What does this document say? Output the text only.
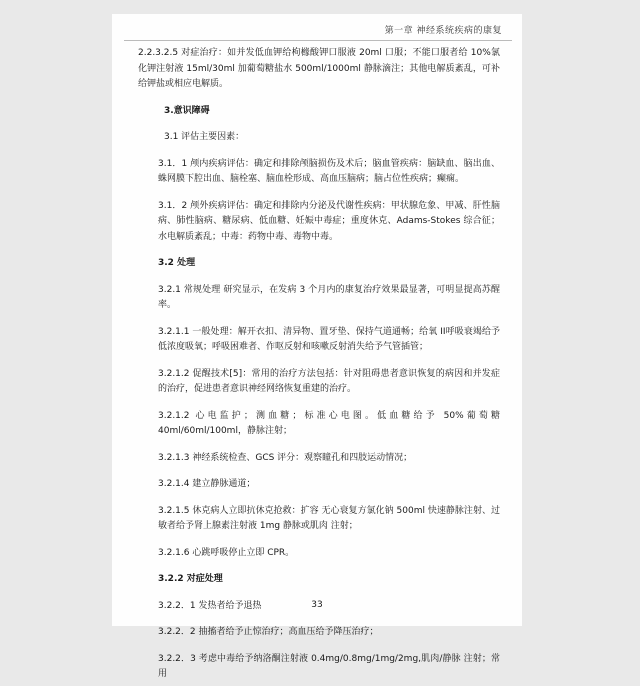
第一章 神经系统疾病的康复

2.2.3.2.5 对症治疗：如并发低血钾给枸橼酸钾口服液 20ml 口服；不能口服者给 10%氯化钾注射液 15ml/30ml 加葡萄糖盐水 500ml/1000ml 静脉滴注；其他电解质紊乱，可补给钾盐或相应电解质。

3.意识障碍

3.1 评估主要因素：

3.1．1 颅内疾病评估：确定和排除颅脑损伤及术后；脑血管疾病：脑缺血、脑出血、蛛网膜下腔出血、脑栓塞、脑血栓形成、高血压脑病；脑占位性疾病；癫痫。

3.1．2 颅外疾病评估：确定和排除内分泌及代谢性疾病：甲状腺危象、甲减、肝性脑病、肺性脑病、糖尿病、低血糖、妊娠中毒症；重度休克、Adams-Stokes 综合征；水电解质紊乱；中毒：药物中毒、毒物中毒。

3.2 处理

3.2.1 常规处理 研究显示，在发病 3 个月内的康复治疗效果最显著，可明显提高苏醒率。

3.2.1.1 一般处理：解开衣扣、清异物、置牙垫、保持气道通畅；给氧 II呼吸衰竭给予低浓度吸氧；呼吸困难者、作呕反射和咳嗽反射消失给予气管插管；

3.2.1.2 促醒技术[5]：常用的治疗方法包括：针对阻碍患者意识恢复的病因和并发症的治疗，促进患者意识神经网络恢复重建的治疗。

3.2.1.2 心电监护；测血糖；标准心电图。低血糖给予 50%葡萄糖 40ml/60ml/100ml，静脉注射；

3.2.1.3 神经系统检查、GCS 评分：观察瞳孔和四肢运动情况；

3.2.1.4 建立静脉通道；

3.2.1.5 休克病人立即抗休克抢救：扩容 无心衰复方氯化钠 500ml 快速静脉注射、过敏者给予肾上腺素注射液 1mg 静脉或肌肉 注射；

3.2.1.6 心跳呼吸停止立即 CPR。

3.2.2 对症处理

3.2.2．1 发热者给予退热

3.2.2．2 抽搐者给予止惊治疗；高血压给予降压治疗；

3.2.2．3 考虑中毒给予纳洛酮注射液 0.4mg/0.8mg/1mg/2mg,肌肉/静脉 注射；常用

33
